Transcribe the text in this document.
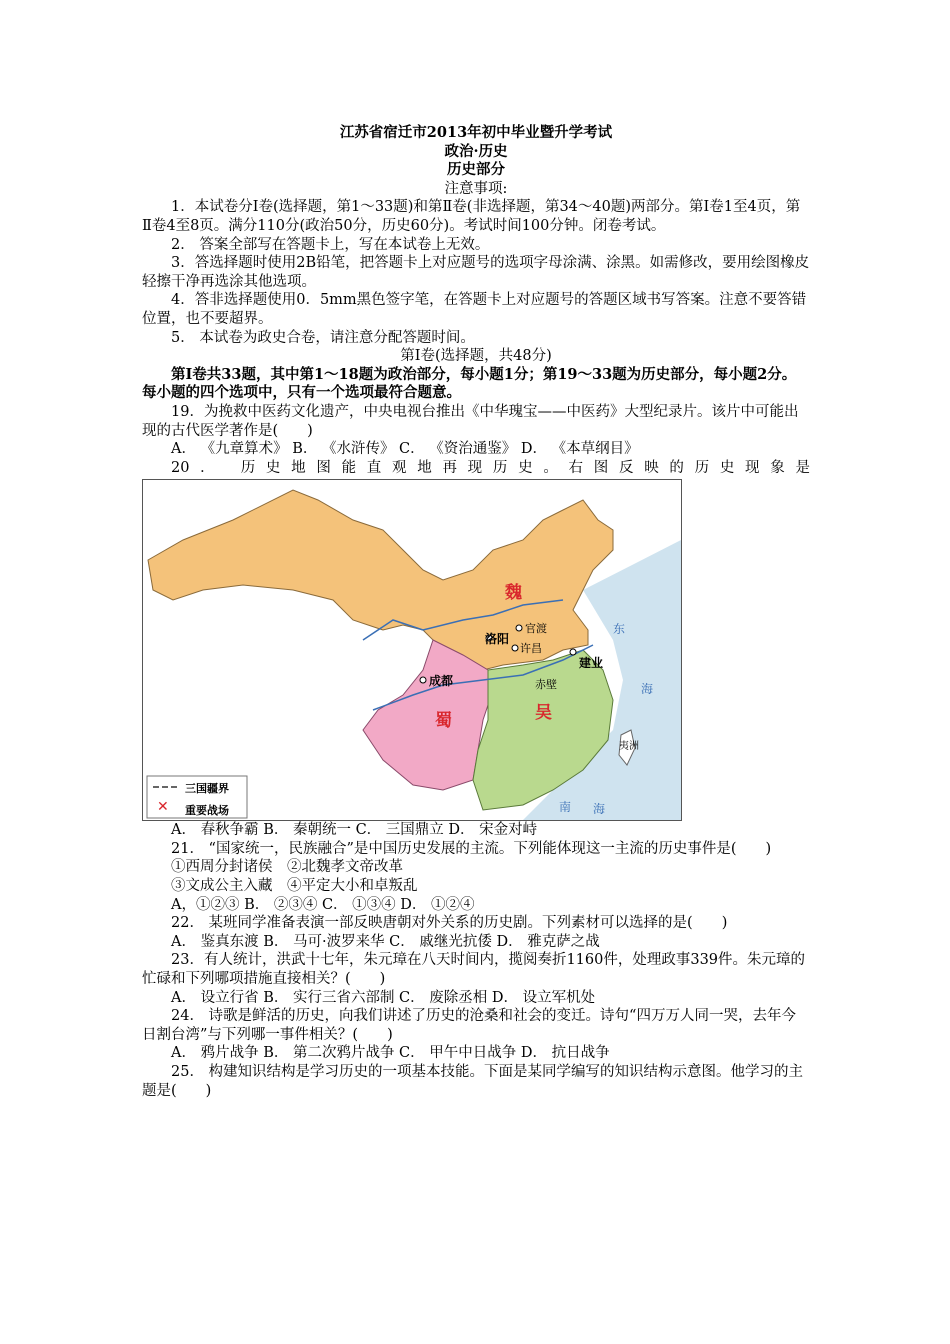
江苏省宿迁市2013年初中毕业暨升学考试
政治·历史
历史部分
注意事项:

1．本试卷分Ⅰ卷(选择题，第1～33题)和第Ⅱ卷(非选择题，第34～40题)两部分。第Ⅰ卷1至4页，第Ⅱ卷4至8页。满分110分(政治50分，历史60分)。考试时间100分钟。闭卷考试。

2． 答案全部写在答题卡上，写在本试卷上无效。

3．答选择题时使用2B铅笔，把答题卡上对应题号的选项字母涂满、涂黑。如需修改，要用绘图橡皮轻擦干净再选涂其他选项。

4．答非选择题使用0．5mm黑色签字笔，在答题卡上对应题号的答题区域书写答案。注意不要答错位置，也不要超界。

5． 本试卷为政史合卷，请注意分配答题时间。

第Ⅰ卷(选择题，共48分)

第Ⅰ卷共33题，其中第1～18题为政治部分，每小题1分；第19～33题为历史部分，每小题2分。每小题的四个选项中，只有一个选项最符合题意。

19．为挽救中医药文化遗产，中央电视台推出《中华瑰宝——中医药》大型纪录片。该片中可能出现的古代医学著作是(　　)

A． 《九章算术》 B． 《水浒传》 C． 《资治通鉴》 D． 《本草纲目》

20． 历史地图能直观地再现历史。右图反映的历史现象是

✕
魏
蜀	吴
官渡
洛阳
许昌
成都
建业
赤壁
东
海
南 海
夷洲
三国疆界
重要战场

A． 春秋争霸 B． 秦朝统一 C． 三国鼎立 D． 宋金对峙

21． “国家统一，民族融合”是中国历史发展的主流。下列能体现这一主流的历史事件是(　　)

①西周分封诸侯　②北魏孝文帝改革

③文成公主入藏　④平定大小和卓叛乱

A，①②③ B． ②③④ C． ①③④ D． ①②④

22． 某班同学准备表演一部反映唐朝对外关系的历史剧。下列素材可以选择的是(　　)

A． 鉴真东渡 B． 马可·波罗来华 C． 戚继光抗倭 D． 雅克萨之战

23．有人统计，洪武十七年，朱元璋在八天时间内，揽阅奏折1160件，处理政事339件。朱元璋的忙碌和下列哪项措施直接相关？(　　)

A． 设立行省 B． 实行三省六部制 C． 废除丞相 D． 设立军机处

24． 诗歌是鲜活的历史，向我们讲述了历史的沧桑和社会的变迁。诗句“四万万人同一哭，去年今日割台湾”与下列哪一事件相关？(　　)

A． 鸦片战争 B． 第二次鸦片战争 C． 甲午中日战争 D． 抗日战争

25． 构建知识结构是学习历史的一项基本技能。下面是某同学编写的知识结构示意图。他学习的主题是(　　)
